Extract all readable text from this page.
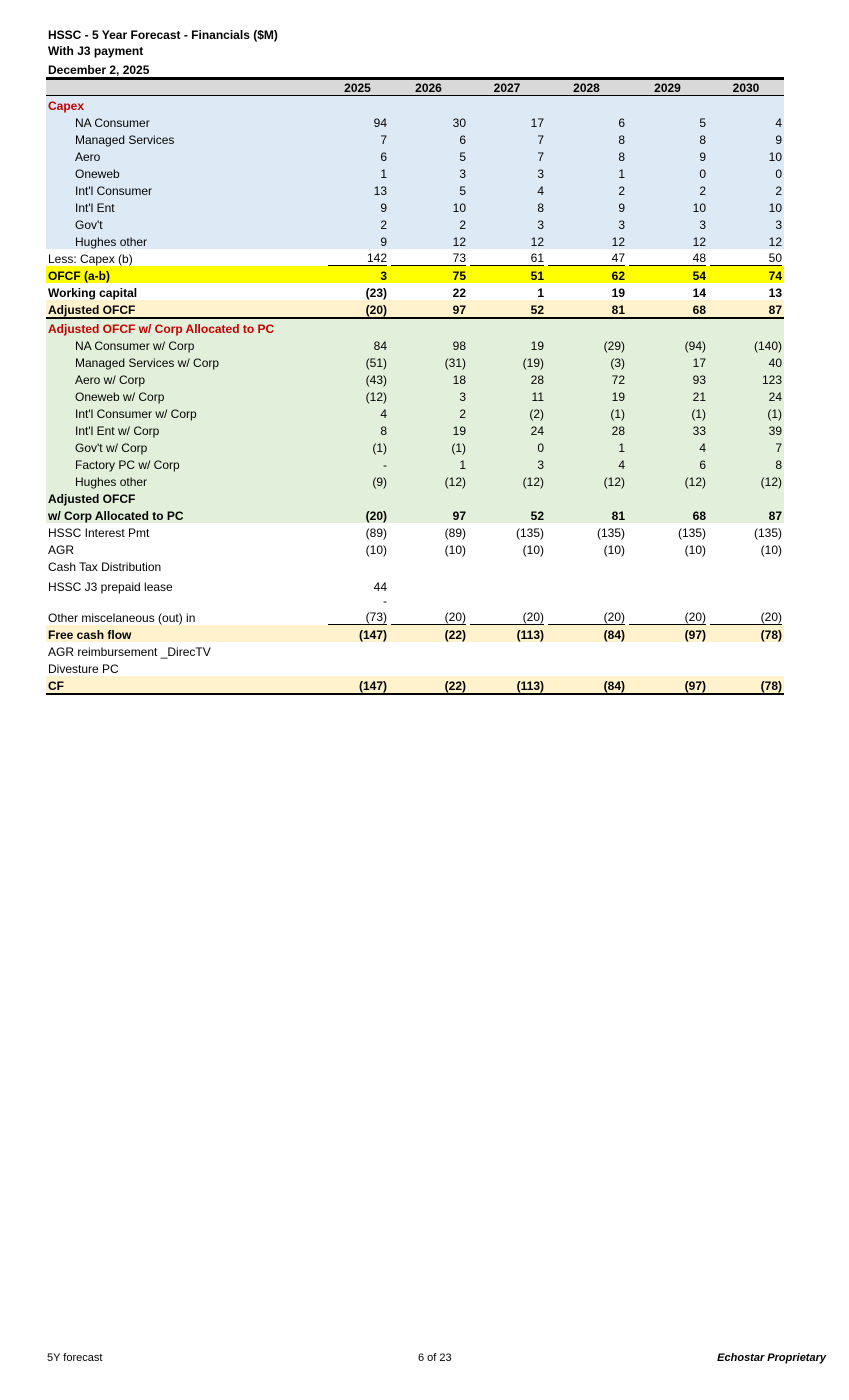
HSSC - 5 Year Forecast - Financials ($M)
With J3 payment
December 2, 2025
	2025	2026	2027	2028	2029	2030
Capex						
NA Consumer	94	30	17	6	5	4
Managed Services	7	6	7	8	8	9
Aero	6	5	7	8	9	10
Oneweb	1	3	3	1	0	0
Int'l Consumer	13	5	4	2	2	2
Int'l Ent	9	10	8	9	10	10
Gov't	2	2	3	3	3	3
Hughes other	9	12	12	12	12	12
Less: Capex (b)	142	73	61	47	48	50
OFCF (a-b)	3	75	51	62	54	74
Working capital	(23)	22	1	19	14	13
Adjusted OFCF	(20)	97	52	81	68	87
Adjusted OFCF w/ Corp Allocated to PC						
NA Consumer w/ Corp	84	98	19	(29)	(94)	(140)
Managed Services w/ Corp	(51)	(31)	(19)	(3)	17	40
Aero w/ Corp	(43)	18	28	72	93	123
Oneweb w/ Corp	(12)	3	11	19	21	24
Int'l Consumer w/ Corp	4	2	(2)	(1)	(1)	(1)
Int'l Ent w/ Corp	8	19	24	28	33	39
Gov't w/ Corp	(1)	(1)	0	1	4	7
Factory PC w/ Corp	-	1	3	4	6	8
Hughes other	(9)	(12)	(12)	(12)	(12)	(12)
Adjusted OFCF						
w/ Corp Allocated to PC	(20)	97	52	81	68	87
HSSC Interest Pmt	(89)	(89)	(135)	(135)	(135)	(135)
AGR	(10)	(10)	(10)	(10)	(10)	(10)
Cash Tax Distribution						
HSSC J3 prepaid lease	44					
	-					
Other miscelaneous (out) in	(73)	(20)	(20)	(20)	(20)	(20)
Free cash flow	(147)	(22)	(113)	(84)	(97)	(78)
AGR reimbursement _DirecTV						
Divesture PC						
CF	(147)	(22)	(113)	(84)	(97)	(78)
5Y forecast	6 of 23	Echostar Proprietary
